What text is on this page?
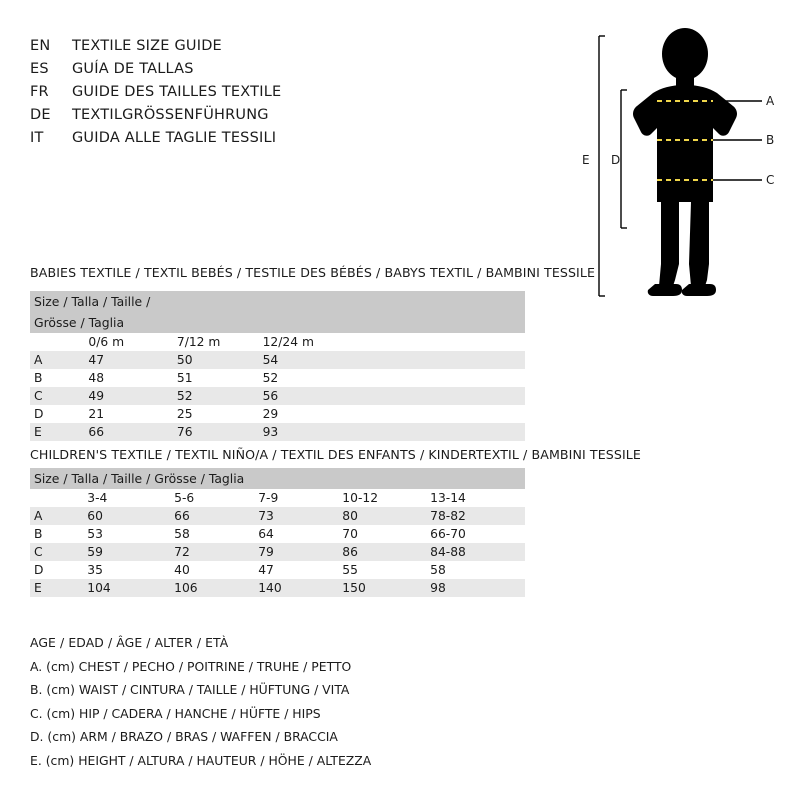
EN	TEXTILE SIZE GUIDE
ES	GUÍA DE TALLAS
FR	GUIDE DES TAILLES TEXTILE
DE	TEXTILGRÖSSENFÜHRUNG
IT	GUIDA ALLE TAGLIE TESSILI
BABIES TEXTILE / TEXTIL BEBÉS / TESTILE DES BÉBÉS / BABYS TEXTIL / BAMBINI TESSILE
Size / Talla / Taille / Grösse / Taglia			
	0/6 m	7/12 m	12/24 m
A	47	50	54
B	48	51	52
C	49	52	56
D	21	25	29
E	66	76	93
CHILDREN'S TEXTILE / TEXTIL NIÑO/A / TEXTIL DES ENFANTS / KINDERTEXTIL / BAMBINI TESSILE
Size / Talla / Taille / Grösse / Taglia					
	3-4	5-6	7-9	10-12	13-14
A	60	66	73	80	78-82
B	53	58	64	70	66-70
C	59	72	79	86	84-88
D	35	40	47	55	58
E	104	106	140	150	98
AGE / EDAD / ÂGE / ALTER / ETÀ
A. (cm) CHEST / PECHO / POITRINE / TRUHE / PETTO
B. (cm) WAIST / CINTURA / TAILLE / HÜFTUNG / VITA
C. (cm) HIP / CADERA / HANCHE / HÜFTE / HIPS
D. (cm) ARM / BRAZO / BRAS / WAFFEN / BRACCIA
E. (cm) HEIGHT / ALTURA / HAUTEUR / HÖHE / ALTEZZA
A
B
C
D
E
